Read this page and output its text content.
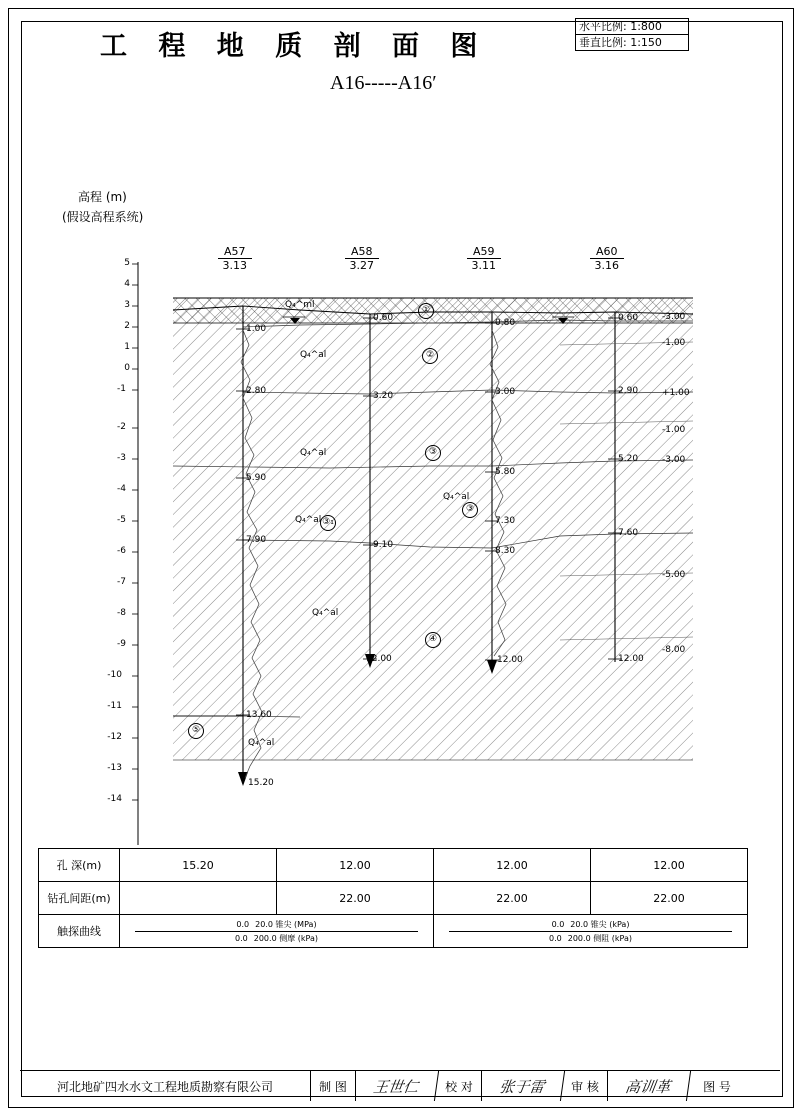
工 程 地 质 剖 面 图
A16-----A16′
水平比例: 1:800
垂直比例: 1:150
高程 (m)
(假设高程系统)
5
4
3
2
1
0
-1
-2
-3
-4
-5
-6
-7
-8
-9
-10
-11
-12
-13
-14
A57
3.13
A58
3.27
A59
3.11
A60
3.16
1.00
2.80
5.90
7.90
13.60
15.20
0.60
3.20
9.10
12.00
0.80
3.00
5.80
7.30
8.30
12.00
0.60
2.90
5.20
7.60
12.00
-3.00
-1.00
+1.00
-1.00
-3.00
-5.00
-8.00
Q₄^ml
Q₄^al
Q₄^al
Q₄^al
Q₄^al
Q₄^al
Q₄^al
①
②
③
③₁
③
④
⑤
孔 深(m)	15.20	12.00	12.00	12.00
钻孔间距(m)		22.00	22.00	22.00
触探曲线	
0.0 20.0 锥尖 (MPa)
0.0 200.0 侧摩 (kPa)

0.0 20.0 锥尖 (kPa)
0.0 200.0 侧阻 (kPa)
河北地矿四水水文工程地质勘察有限公司	制 图	王世仁	校 对	张于雷	审 核	高训革	图 号
